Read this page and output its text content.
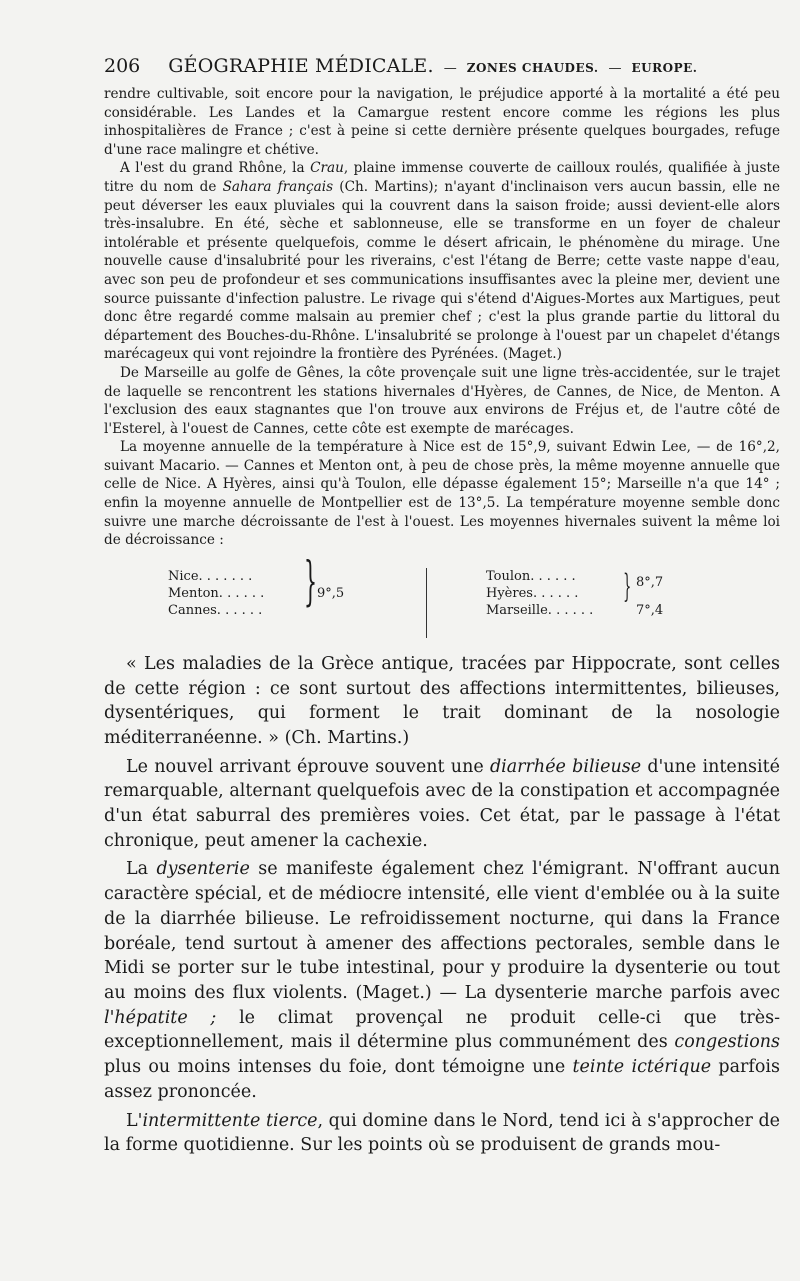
206 GÉOGRAPHIE MÉDICALE. — ZONES CHAUDES. — EUROPE.

rendre cultivable, soit encore pour la navigation, le préjudice apporté à la mortalité a été peu considérable. Les Landes et la Camargue restent encore comme les régions les plus inhospitalières de France ; c'est à peine si cette dernière présente quelques bourgades, refuge d'une race malingre et chétive.

A l'est du grand Rhône, la Crau, plaine immense couverte de cailloux roulés, qualifiée à juste titre du nom de Sahara français (Ch. Martins); n'ayant d'inclinaison vers aucun bassin, elle ne peut déverser les eaux pluviales qui la couvrent dans la saison froide; aussi devient-elle alors très-insalubre. En été, sèche et sablonneuse, elle se transforme en un foyer de chaleur intolérable et présente quelquefois, comme le désert africain, le phénomène du mirage. Une nouvelle cause d'insalubrité pour les riverains, c'est l'étang de Berre; cette vaste nappe d'eau, avec son peu de profondeur et ses communications insuffisantes avec la pleine mer, devient une source puissante d'infection palustre. Le rivage qui s'étend d'Aigues-Mortes aux Martigues, peut donc être regardé comme malsain au premier chef ; c'est la plus grande partie du littoral du département des Bouches-du-Rhône. L'insalubrité se prolonge à l'ouest par un chapelet d'étangs marécageux qui vont rejoindre la frontière des Pyrénées. (Maget.)

De Marseille au golfe de Gênes, la côte provençale suit une ligne très-accidentée, sur le trajet de laquelle se rencontrent les stations hivernales d'Hyères, de Cannes, de Nice, de Menton. A l'exclusion des eaux stagnantes que l'on trouve aux environs de Fréjus et, de l'autre côté de l'Esterel, à l'ouest de Cannes, cette côte est exempte de marécages.

La moyenne annuelle de la température à Nice est de 15°,9, suivant Edwin Lee, — de 16°,2, suivant Macario. — Cannes et Menton ont, à peu de chose près, la même moyenne annuelle que celle de Nice. A Hyères, ainsi qu'à Toulon, elle dépasse également 15°; Marseille n'a que 14° ; enfin la moyenne annuelle de Montpellier est de 13°,5. La température moyenne semble donc suivre une marche décroissante de l'est à l'ouest. Les moyennes hivernales suivent la même loi de décroissance :

Nice. . . . . . .
Menton. . . . . .
Cannes. . . . . . } 9°,5
Toulon. . . . . .
Hyères. . . . . .
Marseille. . . . . .
} 8°,7
7°,4

« Les maladies de la Grèce antique, tracées par Hippocrate, sont celles de cette région : ce sont surtout des affections intermittentes, bilieuses, dysentériques, qui forment le trait dominant de la nosologie méditerranéenne. » (Ch. Martins.)

Le nouvel arrivant éprouve souvent une diarrhée bilieuse d'une intensité remarquable, alternant quelquefois avec de la constipation et accompagnée d'un état saburral des premières voies. Cet état, par le passage à l'état chronique, peut amener la cachexie.

La dysenterie se manifeste également chez l'émigrant. N'offrant aucun caractère spécial, et de médiocre intensité, elle vient d'emblée ou à la suite de la diarrhée bilieuse. Le refroidissement nocturne, qui dans la France boréale, tend surtout à amener des affections pectorales, semble dans le Midi se porter sur le tube intestinal, pour y produire la dysenterie ou tout au moins des flux violents. (Maget.) — La dysenterie marche parfois avec l'hépatite ; le climat provençal ne produit celle-ci que très-exceptionnellement, mais il détermine plus communément des congestions plus ou moins intenses du foie, dont témoigne une teinte ictérique parfois assez prononcée.

L'intermittente tierce, qui domine dans le Nord, tend ici à s'approcher de la forme quotidienne. Sur les points où se produisent de grands mou-
